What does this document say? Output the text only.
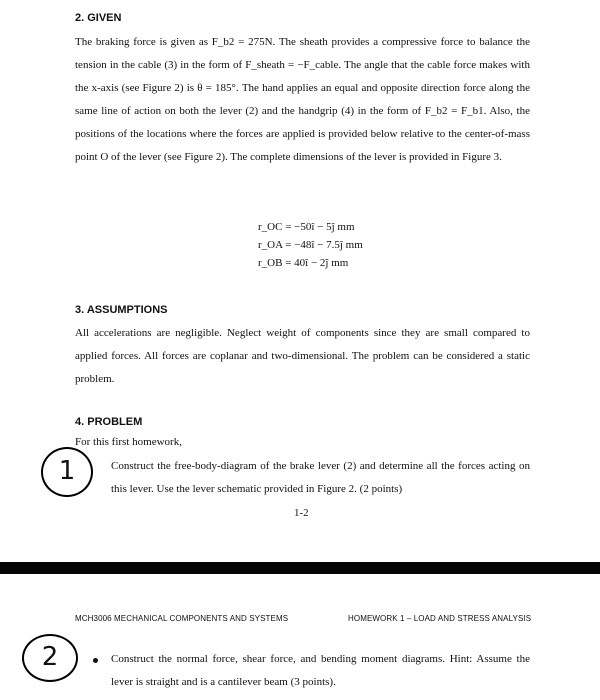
2. GIVEN

The braking force is given as F_b2 = 275N. The sheath provides a compressive force to balance the tension in the cable (3) in the form of F_sheath = −F_cable. The angle that the cable force makes with the x-axis (see Figure 2) is θ = 185°. The hand applies an equal and opposite direction force along the same line of action on both the lever (2) and the handgrip (4) in the form of F_b2 = F_b1. Also, the positions of the locations where the forces are applied is provided below relative to the center-of-mass point O of the lever (see Figure 2). The complete dimensions of the lever is provided in Figure 3.

r_OC = −50î − 5ĵ mm
r_OA = −48î − 7.5ĵ mm
r_OB = 40î − 2ĵ mm
3. ASSUMPTIONS

All accelerations are negligible. Neglect weight of components since they are small compared to applied forces. All forces are coplanar and two-dimensional. The problem can be considered a static problem.

4. PROBLEM
For this first homework,
1	Construct the free-body-diagram of the brake lever (2) and determine all the forces acting on this lever. Use the lever schematic provided in Figure 2. (2 points)

1-2
MCH3006 MECHANICAL COMPONENTS AND SYSTEMS	HOMEWORK 1 – LOAD AND STRESS ANALYSIS
2	Construct the normal force, shear force, and bending moment diagrams. Hint: Assume the lever is straight and is a cantilever beam (3 points).
